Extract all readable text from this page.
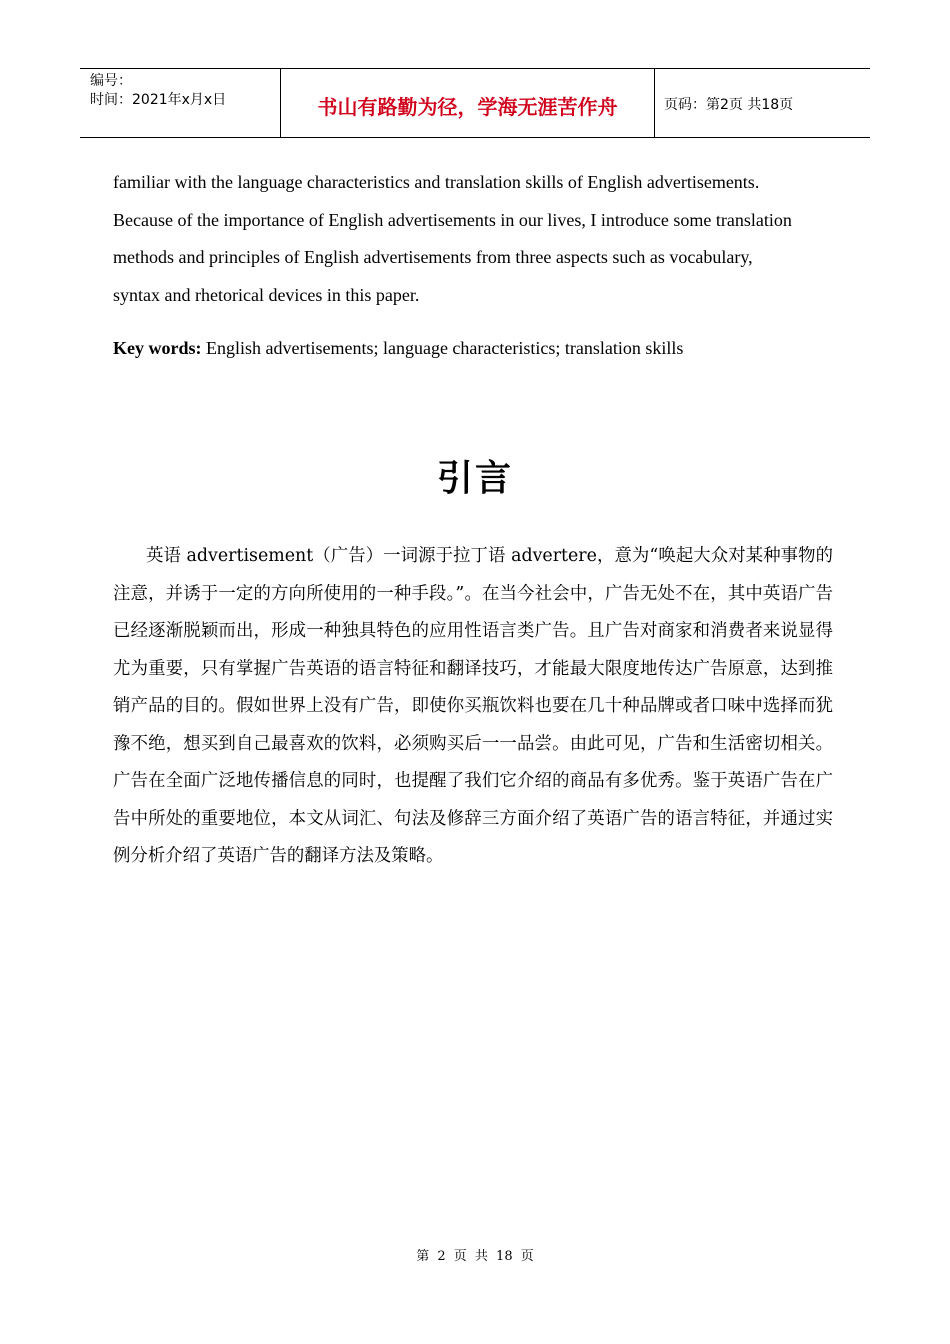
编号：
时间：2021年x月x日	书山有路勤为径，学海无涯苦作舟	页码：第2页 共18页

familiar with the language characteristics and translation skills of English advertisements.

Because of the importance of English advertisements in our lives, I introduce some translation

methods and principles of English advertisements from three aspects such as vocabulary,

syntax and rhetorical devices in this paper.

Key words: English advertisements; language characteristics; translation skills
引言
英语 advertisement（广告）一词源于拉丁语 advertere，意为“唤起大众对某种事物的注意，并诱于一定的方向所使用的一种手段。”。在当今社会中，广告无处不在，其中英语广告已经逐渐脱颖而出，形成一种独具特色的应用性语言类广告。且广告对商家和消费者来说显得尤为重要，只有掌握广告英语的语言特征和翻译技巧，才能最大限度地传达广告原意，达到推销产品的目的。假如世界上没有广告，即使你买瓶饮料也要在几十种品牌或者口味中选择而犹豫不绝，想买到自己最喜欢的饮料，必须购买后一一品尝。由此可见，广告和生活密切相关。广告在全面广泛地传播信息的同时，也提醒了我们它介绍的商品有多优秀。鉴于英语广告在广告中所处的重要地位，本文从词汇、句法及修辞三方面介绍了英语广告的语言特征，并通过实例分析介绍了英语广告的翻译方法及策略。
第 2 页 共 18 页
